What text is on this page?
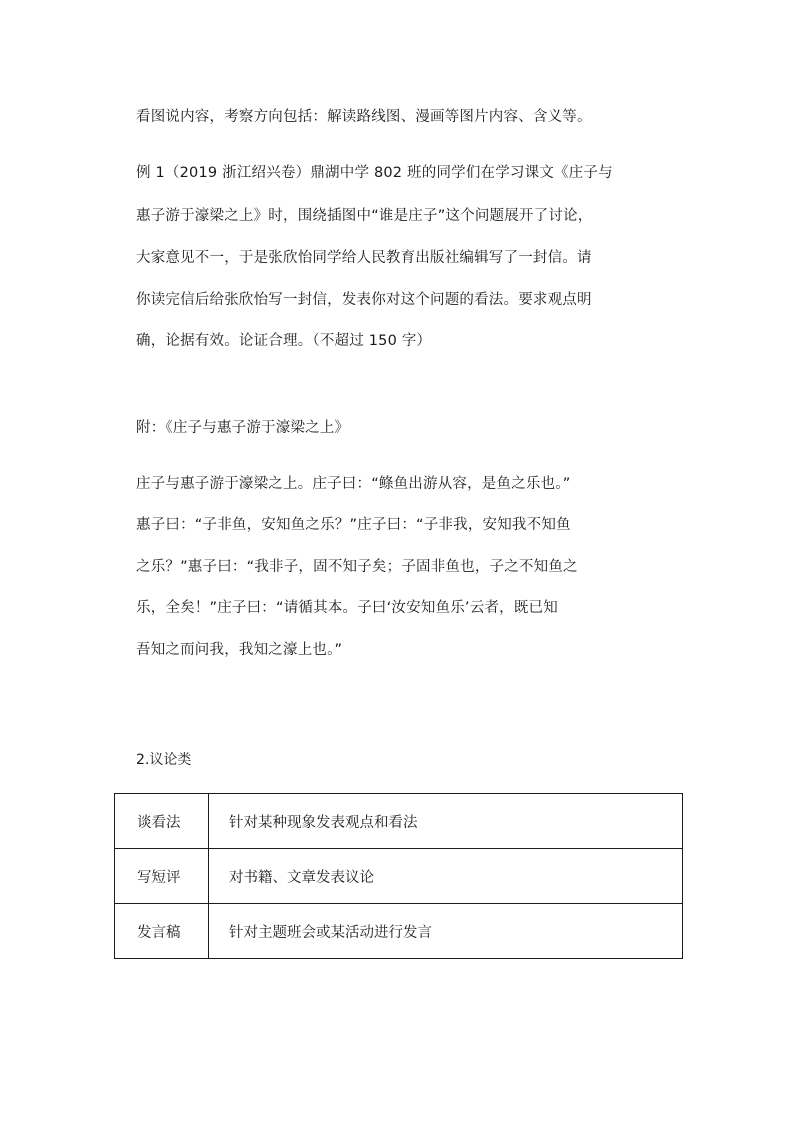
看图说内容，考察方向包括：解读路线图、漫画等图片内容、含义等。
例 1（2019 浙江绍兴卷）鼎湖中学 802 班的同学们在学习课文《庄子与
惠子游于濠梁之上》时，围绕插图中“谁是庄子”这个问题展开了讨论，
大家意见不一，于是张欣怡同学给人民教育出版社编辑写了一封信。请
你读完信后给张欣怡写一封信，发表你对这个问题的看法。要求观点明
确，论据有效。论证合理。（不超过 150 字）
附：《庄子与惠子游于濠梁之上》
庄子与惠子游于濠梁之上。庄子曰：“鲦鱼出游从容，是鱼之乐也。”
惠子曰：“子非鱼，安知鱼之乐？”庄子曰：“子非我，安知我不知鱼
之乐？”惠子曰：“我非子，固不知子矣；子固非鱼也，子之不知鱼之
乐，全矣！”庄子曰：“请循其本。子曰‘汝安知鱼乐’云者，既已知
吾知之而问我，我知之濠上也。”
2.议论类
谈看法	针对某种现象发表观点和看法
写短评	对书籍、文章发表议论
发言稿	针对主题班会或某活动进行发言
